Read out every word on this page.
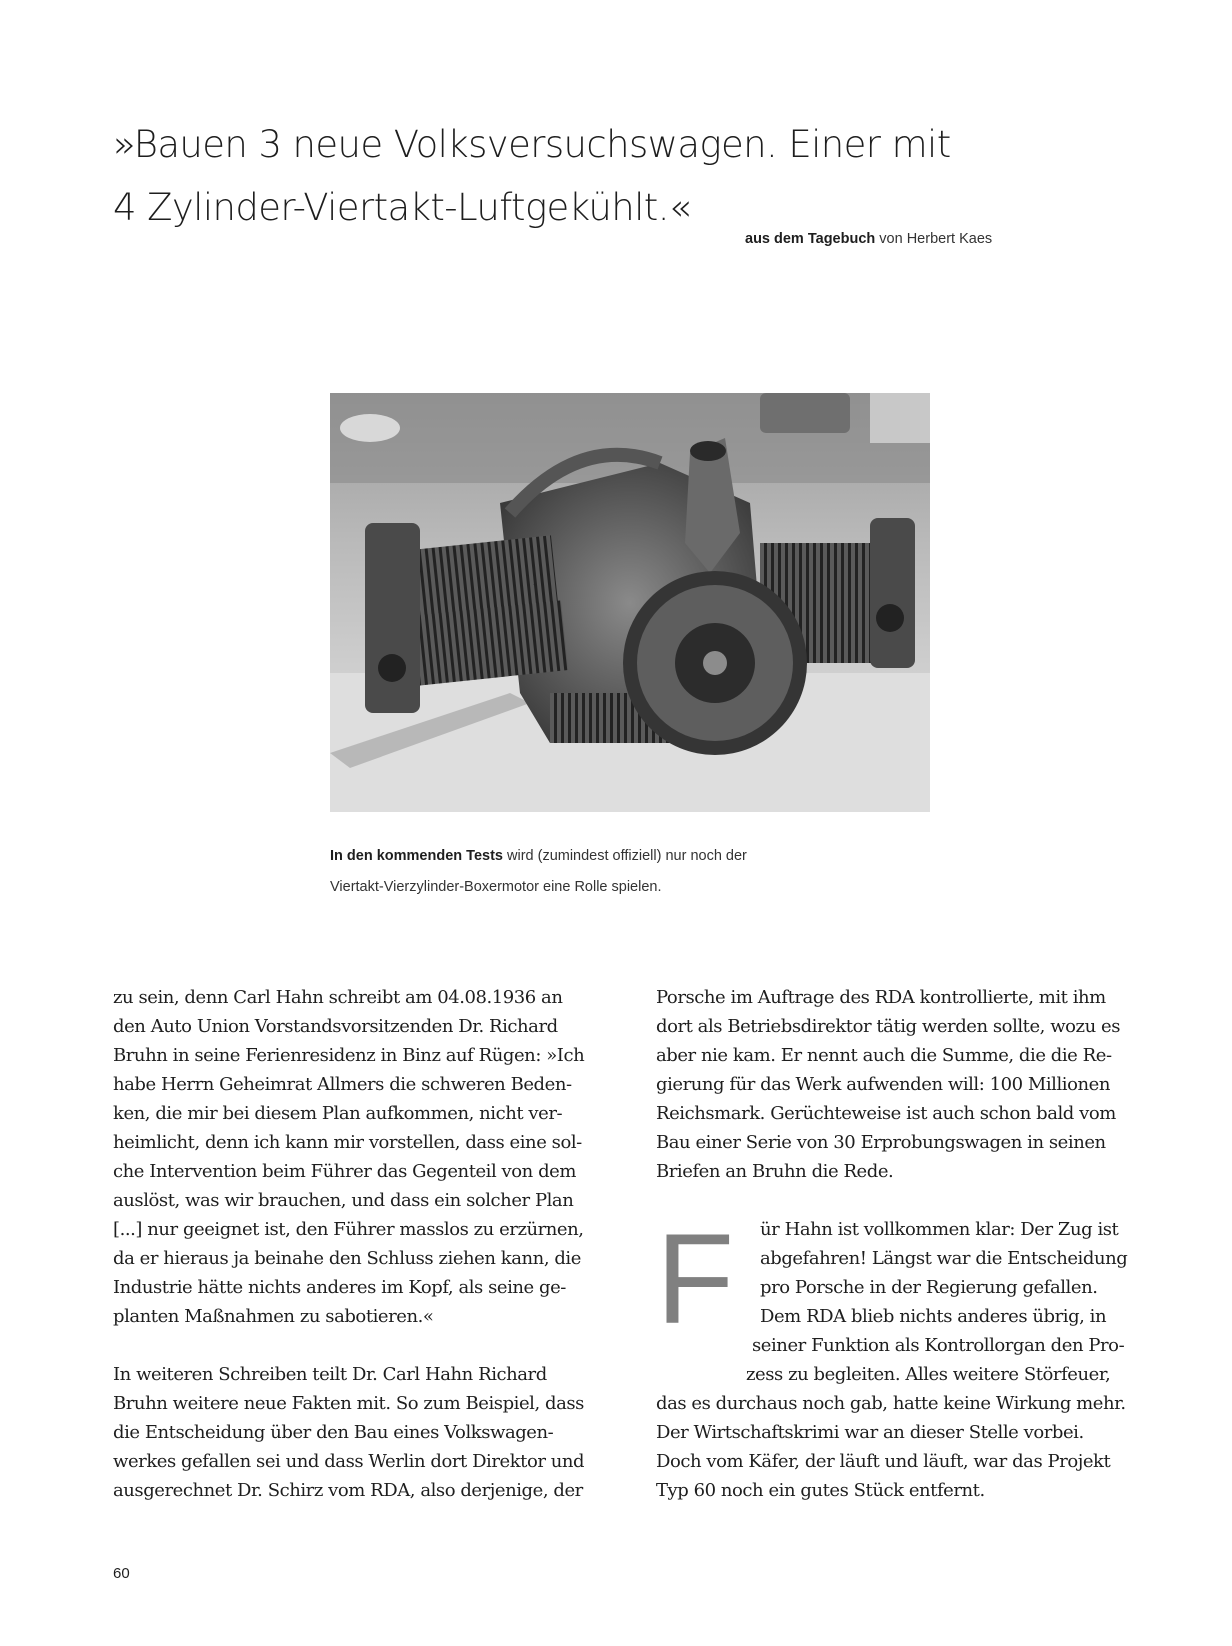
»Bauen 3 neue Volksversuchswagen. Einer mit
4 Zylinder-Viertakt-Luftgekühlt.«
aus dem Tagebuch von Herbert Kaes
In den kommenden Tests wird (zumindest offiziell) nur noch der
Viertakt-Vierzylinder-Boxermotor eine Rolle spielen.
zu sein, denn Carl Hahn schreibt am 04.08.1936 an
den Auto Union Vorstandsvorsitzenden Dr. Richard
Bruhn in seine Ferienresidenz in Binz auf Rügen: »Ich
habe Herrn Geheimrat Allmers die schweren Beden-
ken, die mir bei diesem Plan aufkommen, nicht ver-
heimlicht, denn ich kann mir vorstellen, dass eine sol-
che Intervention beim Führer das Gegenteil von dem
auslöst, was wir brauchen, und dass ein solcher Plan
[...] nur geeignet ist, den Führer masslos zu erzürnen,
da er hieraus ja beinahe den Schluss ziehen kann, die
Industrie hätte nichts anderes im Kopf, als seine ge-
planten Maßnahmen zu sabotieren.«
In weiteren Schreiben teilt Dr. Carl Hahn Richard
Bruhn weitere neue Fakten mit. So zum Beispiel, dass
die Entscheidung über den Bau eines Volkswagen-
werkes gefallen sei und dass Werlin dort Direktor und
ausgerechnet Dr. Schirz vom RDA, also derjenige, der
Porsche im Auftrage des RDA kontrollierte, mit ihm
dort als Betriebsdirektor tätig werden sollte, wozu es
aber nie kam. Er nennt auch die Summe, die die Re-
gierung für das Werk aufwenden will: 100 Millionen
Reichsmark. Gerüchteweise ist auch schon bald vom
Bau einer Serie von 30 Erprobungswagen in seinen
Briefen an Bruhn die Rede.
F	ür Hahn ist vollkommen klar: Der Zug ist
abgefahren! Längst war die Entscheidung
pro Porsche in der Regierung gefallen.
Dem RDA blieb nichts anderes übrig, in
seiner Funktion als Kontrollorgan den Pro-
zess zu begleiten. Alles weitere Störfeuer,
das es durchaus noch gab, hatte keine Wirkung mehr.
Der Wirtschaftskrimi war an dieser Stelle vorbei.
Doch vom Käfer, der läuft und läuft, war das Projekt
Typ 60 noch ein gutes Stück entfernt.
60
